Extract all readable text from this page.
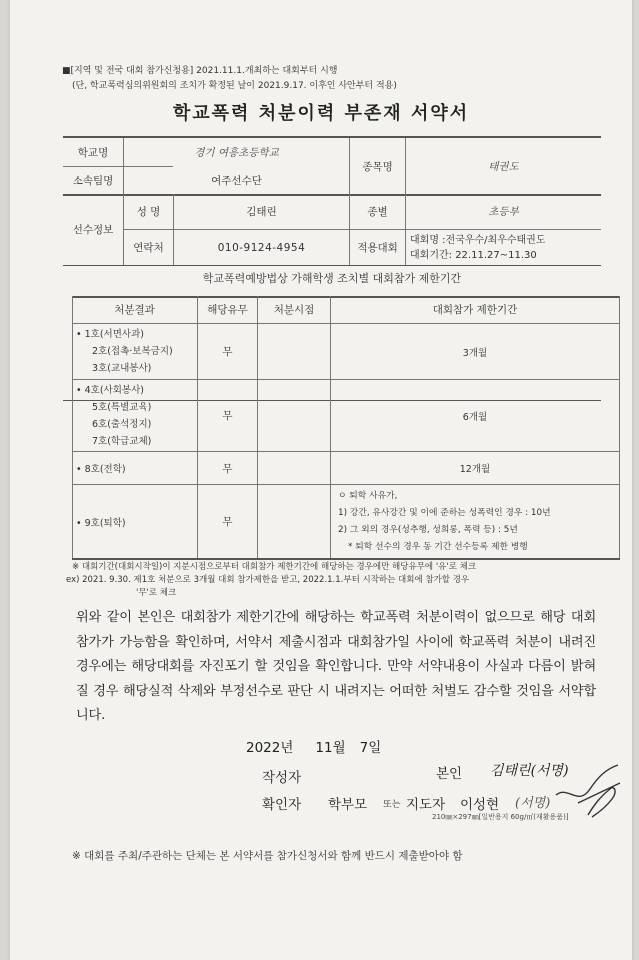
■[지역 및 전국 대회 참가신청용] 2021.11.1.개최하는 대회부터 시행
(단, 학교폭력심의위원회의 조치가 확정된 날이 2021.9.17. 이후인 사안부터 적용)
학교폭력 처분이력 부존재 서약서
학교명	경기 여흥초등학교
소속팀명	여주선수단
종목명	태권도
선수정보
성 명	김태린
연락처	010-9124-4954
종별	초등부
적용대회
대회명 :전국우수/최우수태권도
대회기간: 22.11.27~11.30
학교폭력예방법상 가해학생 조치별 대회참가 제한기간
처분결과	해당유무	처분시점	대회참가 제한기간
• 1호(서면사과)
2호(접촉·보복금지)
3호(교내봉사)
무	3개월
• 4호(사회봉사)
5호(특별교육)
6호(출석정지)
7호(학급교체)
무	6개월
• 8호(전학)	무	12개월
• 9호(퇴학)	무
ㅇ 퇴학 사유가,
1) 강간, 유사강간 및 이에 준하는 성폭력인 경우 : 10년
2) 그 외의 경우(성추행, 성희롱, 폭력 등) : 5년
* 퇴학 선수의 경우 동 기간 선수등록 제한 병행
※ 대회기간(대회시작일)이 지분시점으로부터 대회참가 제한기간에 해당하는 경우에만 해당유무에 '유'로 체크
ex) 2021. 9.30. 제1호 처분으로 3개월 대회 참가제한을 받고, 2022.1.1.부터 시작하는 대회에 참가할 경우
'무'로 체크
위와 같이 본인은 대회참가 제한기간에 해당하는 학교폭력 처분이력이 없으므로 해당 대회 참가가 가능함을 확인하며, 서약서 제출시점과 대회참가일 사이에 학교폭력 처분이 내려진 경우에는 해당대회를 자진포기 할 것임을 확인합니다. 만약 서약내용이 사실과 다름이 밝혀질 경우 해당실적 삭제와 부정선수로 판단 시 내려지는 어떠한 처벌도 감수할 것임을 서약합니다.
2022년 11월 7일
작성자	본인 김태린(서명)
확인자 학부모 또는 지도자 이성현 (서명)
210㎜×297㎜[일반용지 60g/㎡(재활용품)]
※ 대회를 주최/주관하는 단체는 본 서약서를 참가신청서와 함께 반드시 제출받아야 함
